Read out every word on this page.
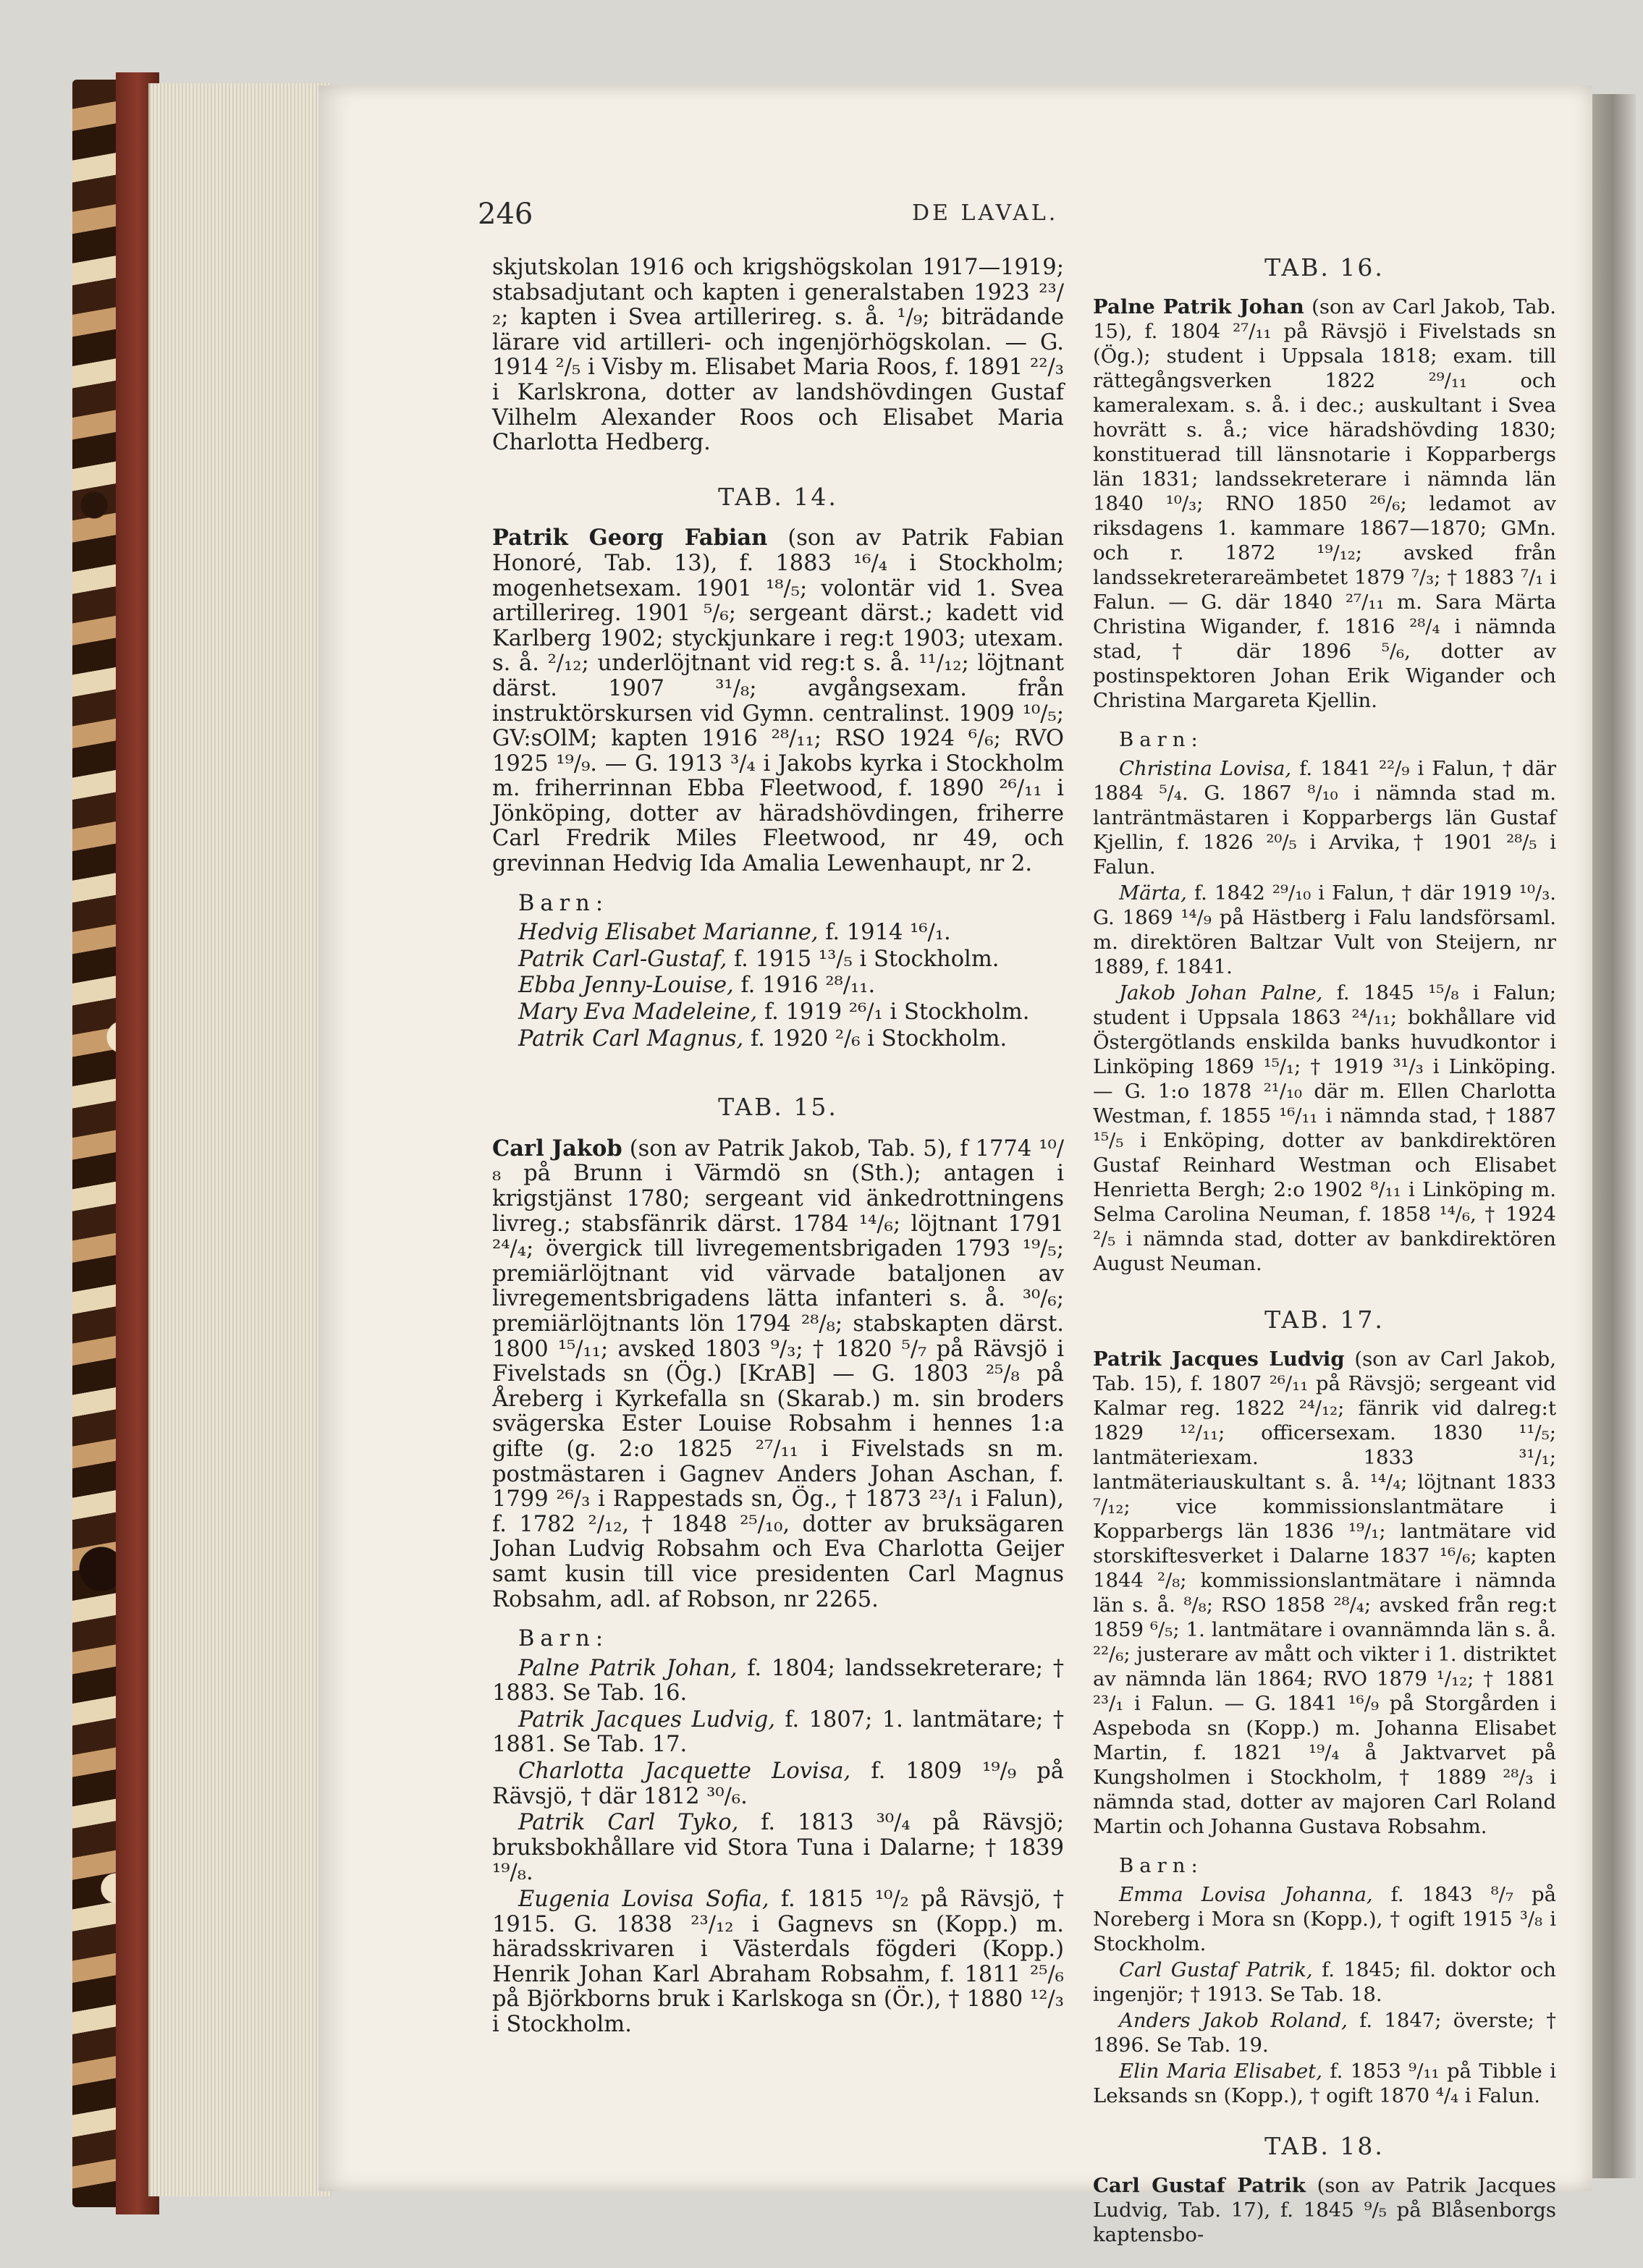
246	DE LAVAL.

skjutskolan 1916 och krigshögskolan 1917—1919; stabsadjutant och kapten i generalstaben 1923 ²³/₂; kapten i Svea artillerireg. s. å. ¹/₉; biträdande lärare vid artilleri- och ingenjörhögskolan. — G. 1914 ²/₅ i Visby m. Elisabet Maria Roos, f. 1891 ²²/₃ i Karlskrona, dotter av landshövdingen Gustaf Vilhelm Alexander Roos och Elisabet Maria Charlotta Hedberg.

TAB. 14.

Patrik Georg Fabian (son av Patrik Fabian Honoré, Tab. 13), f. 1883 ¹⁶/₄ i Stockholm; mogenhetsexam. 1901 ¹⁸/₅; volontär vid 1. Svea artillerireg. 1901 ⁵/₆; sergeant därst.; kadett vid Karlberg 1902; styckjunkare i reg:t 1903; utexam. s. å. ²/₁₂; underlöjtnant vid reg:t s. å. ¹¹/₁₂; löjtnant därst. 1907 ³¹/₈; avgångsexam. från instruktörskursen vid Gymn. centralinst. 1909 ¹⁰/₅; GV:sOlM; kapten 1916 ²⁸/₁₁; RSO 1924 ⁶/₆; RVO 1925 ¹⁹/₉. — G. 1913 ³/₄ i Jakobs kyrka i Stockholm m. friherrinnan Ebba Fleetwood, f. 1890 ²⁶/₁₁ i Jönköping, dotter av häradshövdingen, friherre Carl Fredrik Miles Fleetwood, nr 49, och grevinnan Hedvig Ida Amalia Lewenhaupt, nr 2.

Barn:
Hedvig Elisabet Marianne, f. 1914 ¹⁶/₁.
Patrik Carl-Gustaf, f. 1915 ¹³/₅ i Stockholm.
Ebba Jenny-Louise, f. 1916 ²⁸/₁₁.
Mary Eva Madeleine, f. 1919 ²⁶/₁ i Stockholm.
Patrik Carl Magnus, f. 1920 ²/₆ i Stockholm.
TAB. 15.

Carl Jakob (son av Patrik Jakob, Tab. 5), f 1774 ¹⁰/₈ på Brunn i Värmdö sn (Sth.); antagen i krigstjänst 1780; sergeant vid änkedrottningens livreg.; stabsfänrik därst. 1784 ¹⁴/₆; löjtnant 1791 ²⁴/₄; övergick till livregementsbrigaden 1793 ¹⁹/₅; premiärlöjtnant vid värvade bataljonen av livregementsbrigadens lätta infanteri s. å. ³⁰/₆; premiärlöjtnants lön 1794 ²⁸/₈; stabskapten därst. 1800 ¹⁵/₁₁; avsked 1803 ⁹/₃; † 1820 ⁵/₇ på Rävsjö i Fivelstads sn (Ög.) [KrAB] — G. 1803 ²⁵/₈ på Åreberg i Kyrkefalla sn (Skarab.) m. sin broders svägerska Ester Louise Robsahm i hennes 1:a gifte (g. 2:o 1825 ²⁷/₁₁ i Fivelstads sn m. postmästaren i Gagnev Anders Johan Aschan, f. 1799 ²⁶/₃ i Rappestads sn, Ög., † 1873 ²³/₁ i Falun), f. 1782 ²/₁₂, † 1848 ²⁵/₁₀, dotter av bruksägaren Johan Ludvig Robsahm och Eva Charlotta Geijer samt kusin till vice presidenten Carl Magnus Robsahm, adl. af Robson, nr 2265.

Barn:

Palne Patrik Johan, f. 1804; landssekreterare; † 1883. Se Tab. 16.

Patrik Jacques Ludvig, f. 1807; 1. lantmätare; † 1881. Se Tab. 17.

Charlotta Jacquette Lovisa, f. 1809 ¹⁹/₉ på Rävsjö, † där 1812 ³⁰/₆.

Patrik Carl Tyko, f. 1813 ³⁰/₄ på Rävsjö; bruksbokhållare vid Stora Tuna i Dalarne; † 1839 ¹⁹/₈.

Eugenia Lovisa Sofia, f. 1815 ¹⁰/₂ på Rävsjö, † 1915. G. 1838 ²³/₁₂ i Gagnevs sn (Kopp.) m. häradsskrivaren i Västerdals fögderi (Kopp.) Henrik Johan Karl Abraham Robsahm, f. 1811 ²⁵/₆ på Björkborns bruk i Karlskoga sn (Ör.), † 1880 ¹²/₃ i Stockholm.

TAB. 16.

Palne Patrik Johan (son av Carl Jakob, Tab. 15), f. 1804 ²⁷/₁₁ på Rävsjö i Fivelstads sn (Ög.); student i Uppsala 1818; exam. till rättegångsverken 1822 ²⁹/₁₁ och kameralexam. s. å. i dec.; auskultant i Svea hovrätt s. å.; vice häradshövding 1830; konstituerad till länsnotarie i Kopparbergs län 1831; landssekreterare i nämnda län 1840 ¹⁰/₃; RNO 1850 ²⁶/₆; ledamot av riksdagens 1. kammare 1867—1870; GMn. och r. 1872 ¹⁹/₁₂; avsked från landssekreterareämbetet 1879 ⁷/₃; † 1883 ⁷/₁ i Falun. — G. där 1840 ²⁷/₁₁ m. Sara Märta Christina Wigander, f. 1816 ²⁸/₄ i nämnda stad, † där 1896 ⁵/₆, dotter av postinspektoren Johan Erik Wigander och Christina Margareta Kjellin.

Barn:

Christina Lovisa, f. 1841 ²²/₉ i Falun, † där 1884 ⁵/₄. G. 1867 ⁸/₁₀ i nämnda stad m. lanträntmästaren i Kopparbergs län Gustaf Kjellin, f. 1826 ²⁰/₅ i Arvika, † 1901 ²⁸/₅ i Falun.

Märta, f. 1842 ²⁹/₁₀ i Falun, † där 1919 ¹⁰/₃. G. 1869 ¹⁴/₉ på Hästberg i Falu landsförsaml. m. direktören Baltzar Vult von Steijern, nr 1889, f. 1841.

Jakob Johan Palne, f. 1845 ¹⁵/₈ i Falun; student i Uppsala 1863 ²⁴/₁₁; bokhållare vid Östergötlands enskilda banks huvudkontor i Linköping 1869 ¹⁵/₁; † 1919 ³¹/₃ i Linköping. — G. 1:o 1878 ²¹/₁₀ där m. Ellen Charlotta Westman, f. 1855 ¹⁶/₁₁ i nämnda stad, † 1887 ¹⁵/₅ i Enköping, dotter av bankdirektören Gustaf Reinhard Westman och Elisabet Henrietta Bergh; 2:o 1902 ⁸/₁₁ i Linköping m. Selma Carolina Neuman, f. 1858 ¹⁴/₆, † 1924 ²/₅ i nämnda stad, dotter av bankdirektören August Neuman.

TAB. 17.

Patrik Jacques Ludvig (son av Carl Jakob, Tab. 15), f. 1807 ²⁶/₁₁ på Rävsjö; sergeant vid Kalmar reg. 1822 ²⁴/₁₂; fänrik vid dalreg:t 1829 ¹²/₁₁; officersexam. 1830 ¹¹/₅; lantmäteriexam. 1833 ³¹/₁; lantmäteriauskultant s. å. ¹⁴/₄; löjtnant 1833 ⁷/₁₂; vice kommissionslantmätare i Kopparbergs län 1836 ¹⁹/₁; lantmätare vid storskiftesverket i Dalarne 1837 ¹⁶/₆; kapten 1844 ²/₈; kommissionslantmätare i nämnda län s. å. ⁸/₈; RSO 1858 ²⁸/₄; avsked från reg:t 1859 ⁶/₅; 1. lantmätare i ovannämnda län s. å. ²²/₆; justerare av mått och vikter i 1. distriktet av nämnda län 1864; RVO 1879 ¹/₁₂; † 1881 ²³/₁ i Falun. — G. 1841 ¹⁶/₉ på Storgården i Aspeboda sn (Kopp.) m. Johanna Elisabet Martin, f. 1821 ¹⁹/₄ å Jaktvarvet på Kungsholmen i Stockholm, † 1889 ²⁸/₃ i nämnda stad, dotter av majoren Carl Roland Martin och Johanna Gustava Robsahm.

Barn:

Emma Lovisa Johanna, f. 1843 ⁸/₇ på Noreberg i Mora sn (Kopp.), † ogift 1915 ³/₈ i Stockholm.

Carl Gustaf Patrik, f. 1845; fil. doktor och ingenjör; † 1913. Se Tab. 18.

Anders Jakob Roland, f. 1847; överste; † 1896. Se Tab. 19.

Elin Maria Elisabet, f. 1853 ⁹/₁₁ på Tibble i Leksands sn (Kopp.), † ogift 1870 ⁴/₄ i Falun.

TAB. 18.

Carl Gustaf Patrik (son av Patrik Jacques Ludvig, Tab. 17), f. 1845 ⁹/₅ på Blåsenborgs kaptensbo-
